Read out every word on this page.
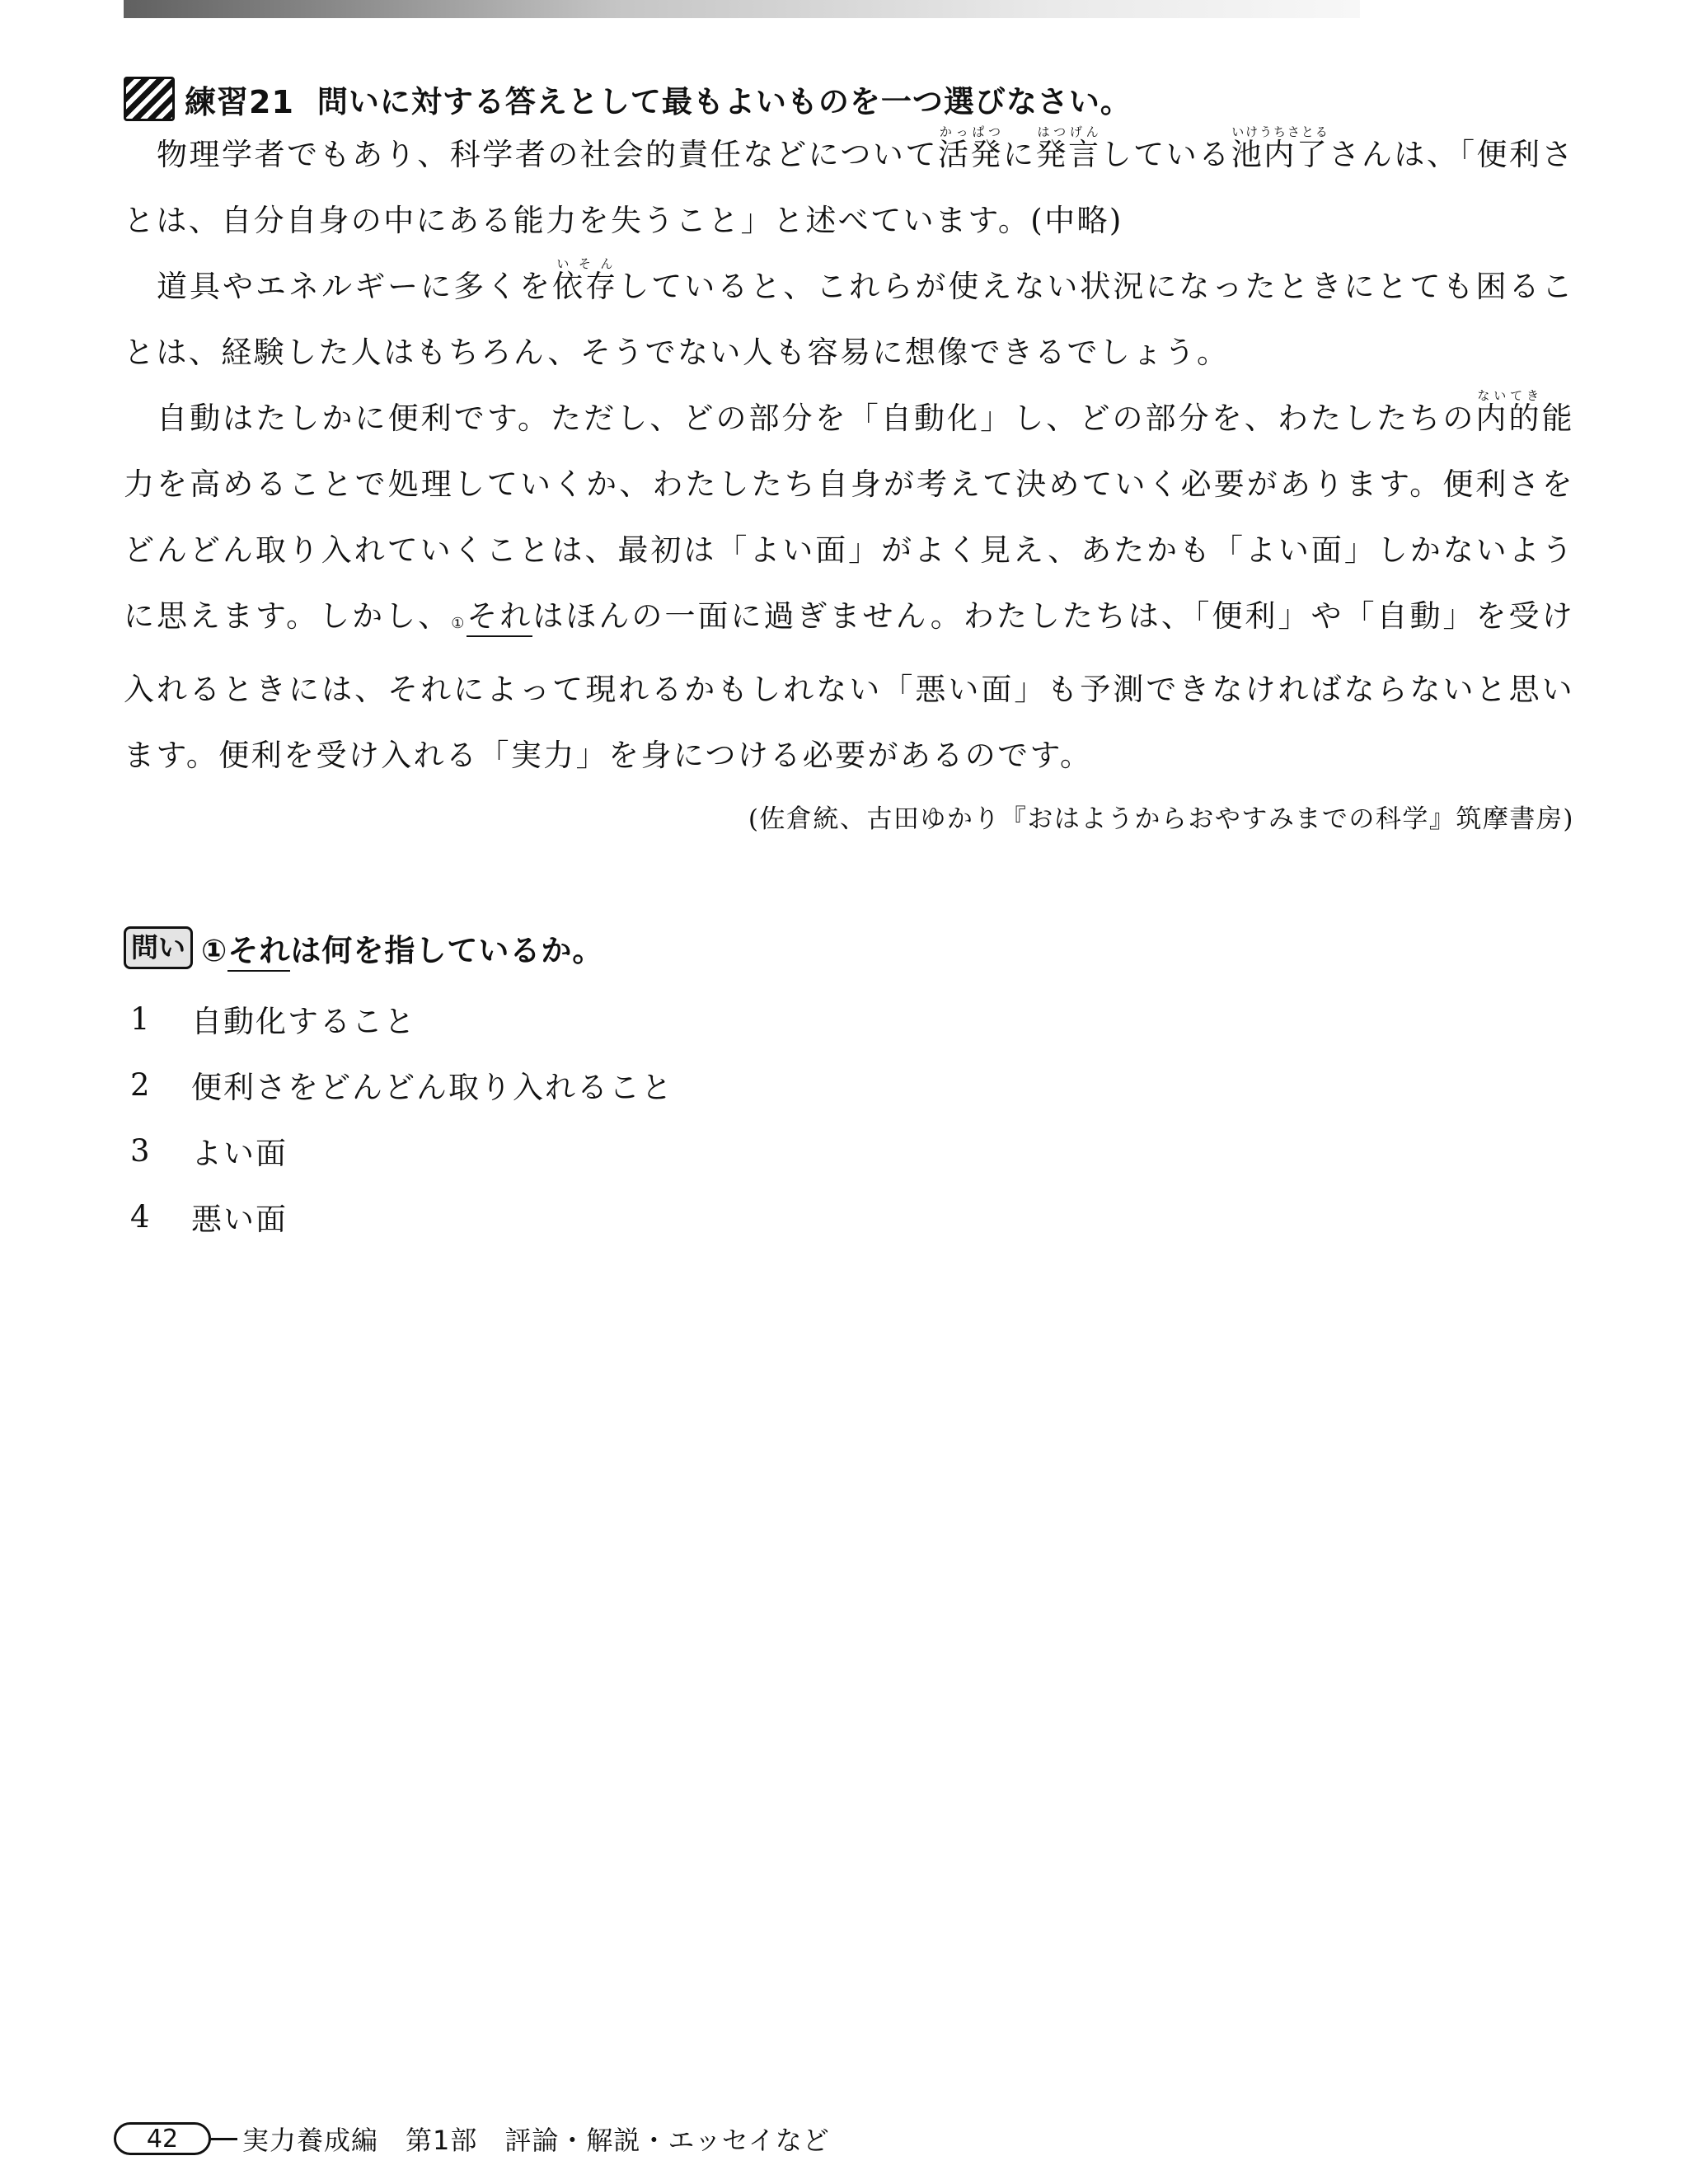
練習21 問いに対する答えとして最もよいものを一つ選びなさい。

物理学者でもあり、科学者の社会的責任などについて活発かっぱつに発言はつげんしている池内了いけうちさとるさんは、「便利さとは、自分自身の中にある能力を失うこと」と述べています。(中略)

道具やエネルギーに多くを依存いそんしていると、これらが使えない状況になったときにとても困ることは、経験した人はもちろん、そうでない人も容易に想像できるでしょう。

自動はたしかに便利です。ただし、どの部分を「自動化」し、どの部分を、わたしたちの内的ないてき能力を高めることで処理していくか、わたしたち自身が考えて決めていく必要があります。便利さをどんどん取り入れていくことは、最初は「よい面」がよく見え、あたかも「よい面」しかないように思えます。しかし、①それはほんの一面に過ぎません。わたしたちは、「便利」や「自動」を受け入れるときには、それによって現れるかもしれない「悪い面」も予測できなければならないと思います。便利を受け入れる「実力」を身につける必要があるのです。

(佐倉統、古田ゆかり『おはようからおやすみまでの科学』筑摩書房)
問い ①それは何を指しているか。
1	自動化すること
2	便利さをどんどん取り入れること
3	よい面
4	悪い面
42	実力養成編　第1部　評論・解説・エッセイなど
